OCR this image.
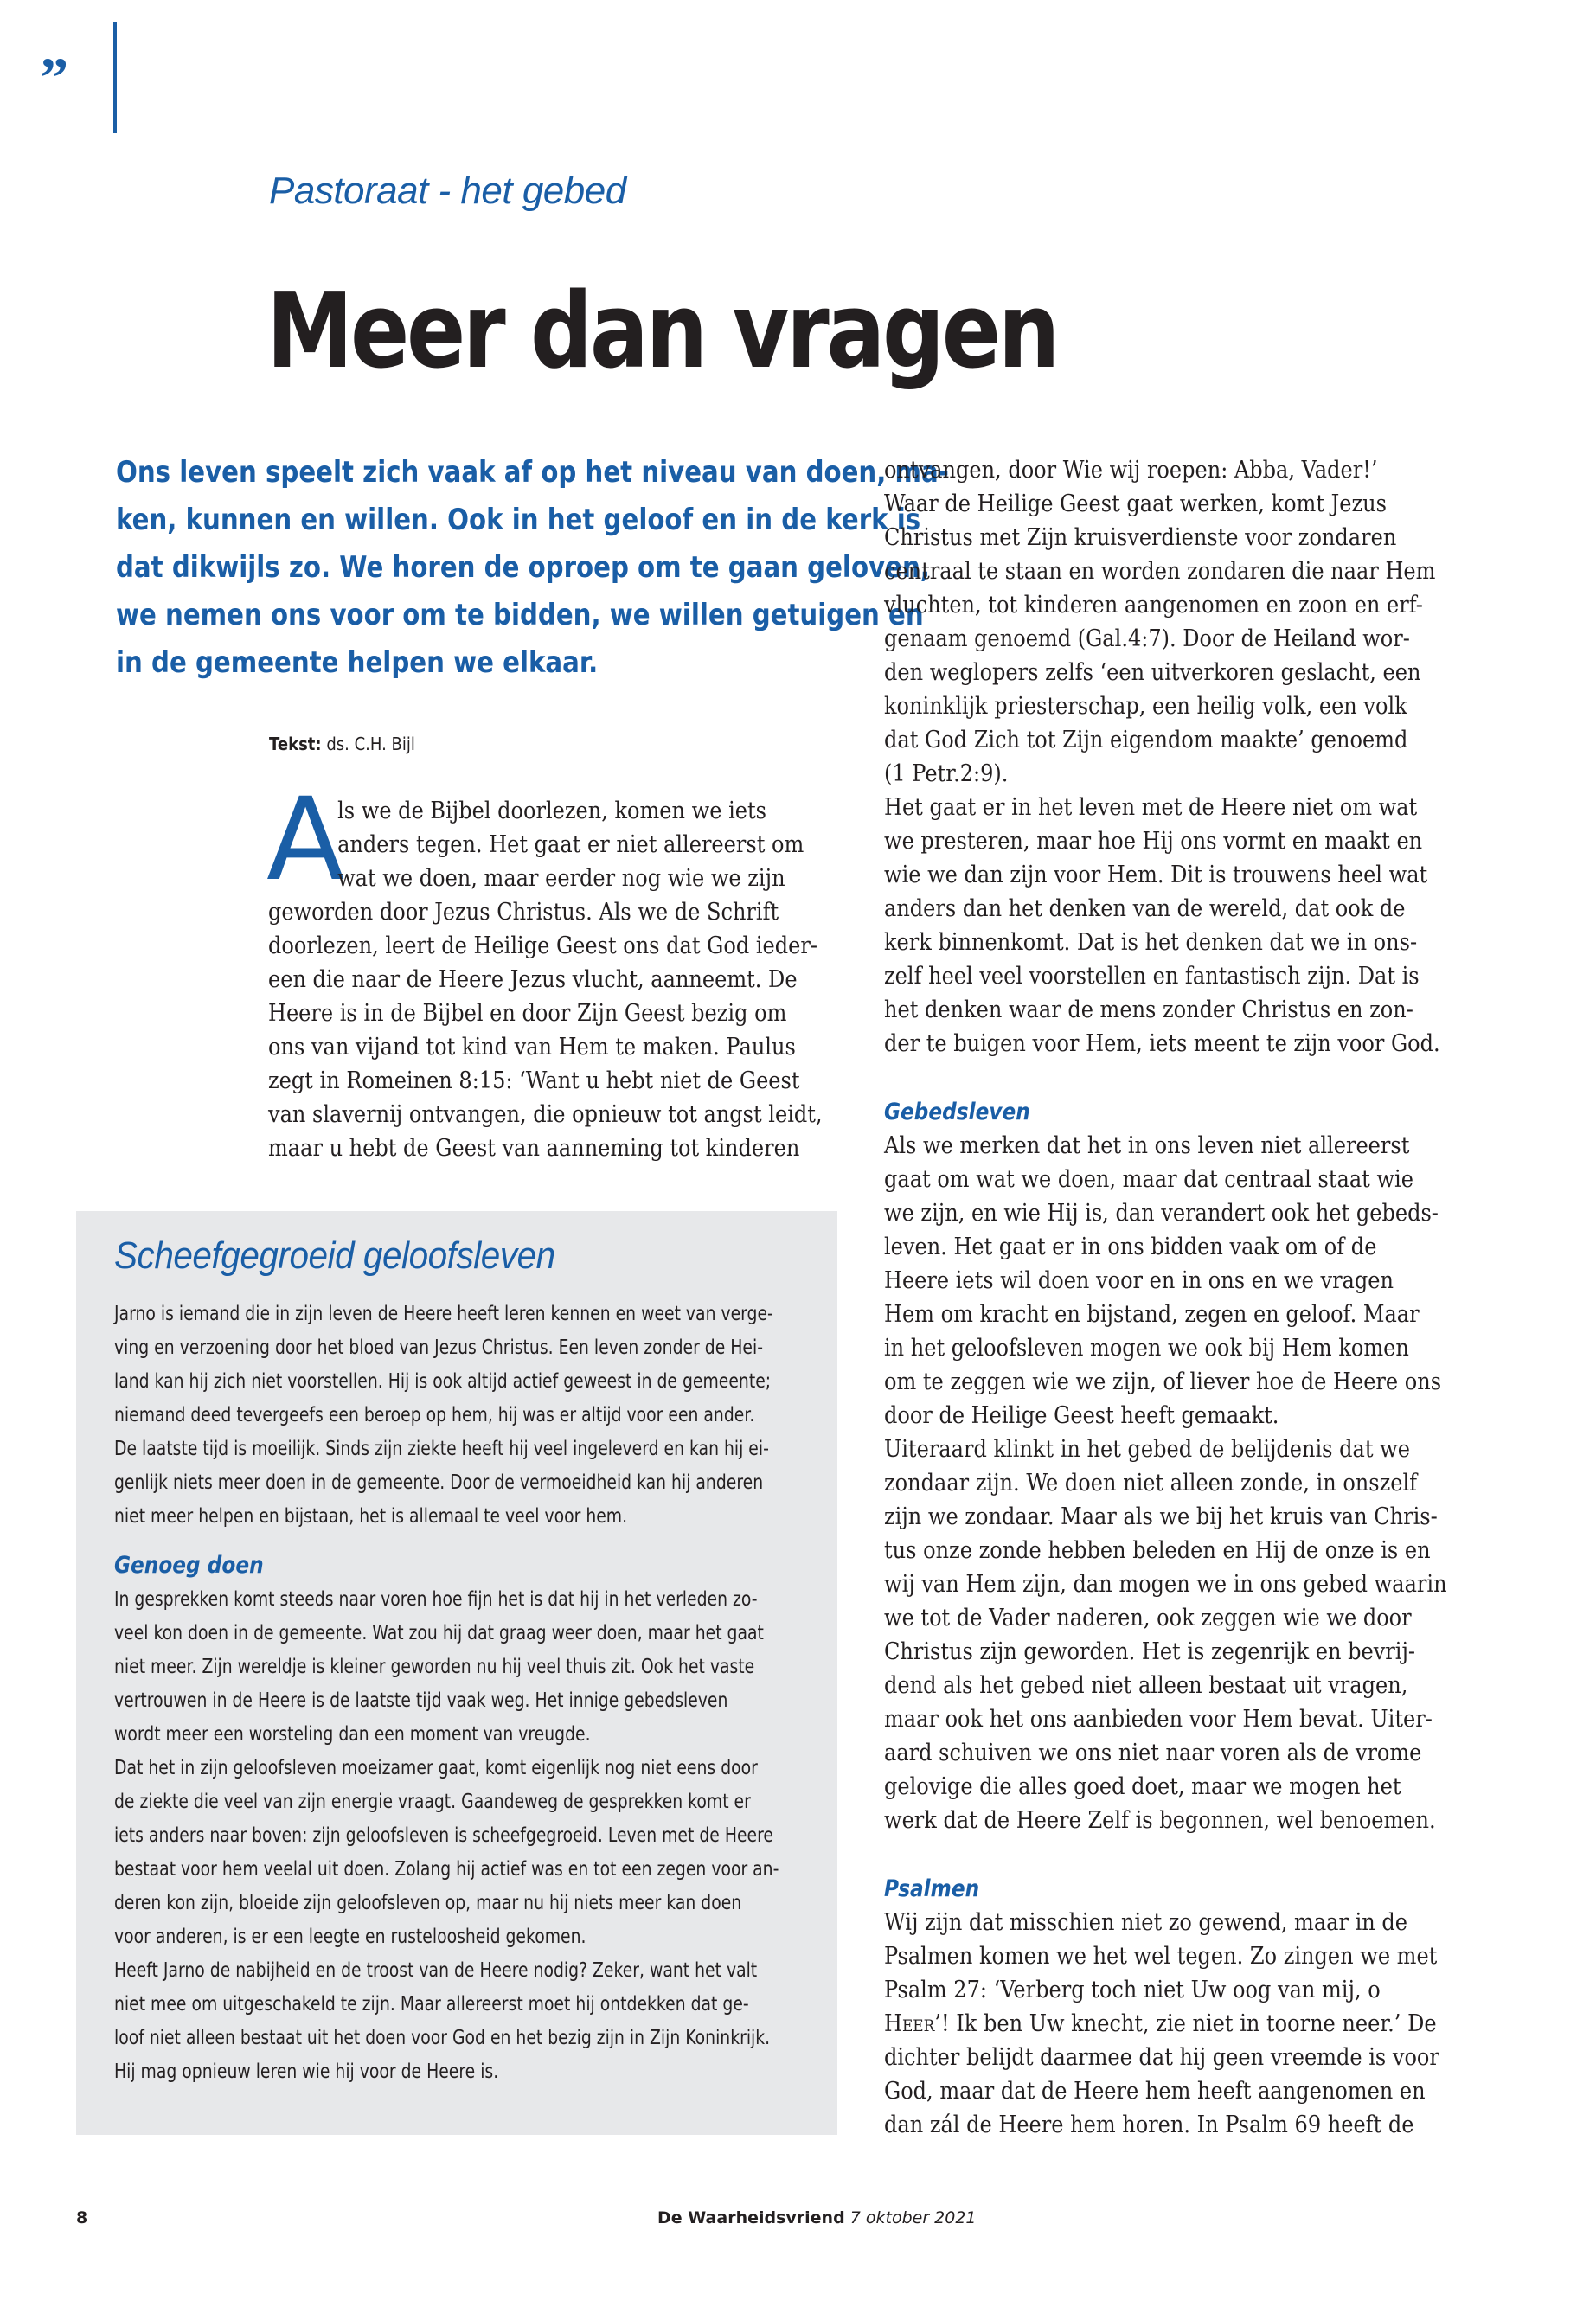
”
Pastoraat - het gebed
Meer dan vragen
Ons leven speelt zich vaak af op het niveau van doen, ma-
ken, kunnen en willen. Ook in het geloof en in de kerk is
dat dikwijls zo. We horen de oproep om te gaan geloven,
we nemen ons voor om te bidden, we willen getuigen en
in de gemeente helpen we elkaar.
Tekst: ds. C.H. Bijl
A
ls we de Bijbel doorlezen, komen we iets
anders tegen. Het gaat er niet allereerst om
wat we doen, maar eerder nog wie we zijn
geworden door Jezus Christus. Als we de Schrift
doorlezen, leert de Heilige Geest ons dat God ieder-
een die naar de Heere Jezus vlucht, aanneemt. De
Heere is in de Bijbel en door Zijn Geest bezig om
ons van vijand tot kind van Hem te maken. Paulus
zegt in Romeinen 8:15: ‘Want u hebt niet de Geest
van slavernij ontvangen, die opnieuw tot angst leidt,
maar u hebt de Geest van aanneming tot kinderen
ontvangen, door Wie wij roepen: Abba, Vader!’
Waar de Heilige Geest gaat werken, komt Jezus
Christus met Zijn kruisverdienste voor zondaren
centraal te staan en worden zondaren die naar Hem
vluchten, tot kinderen aangenomen en zoon en erf-
genaam genoemd (Gal.4:7). Door de Heiland wor-
den weglopers zelfs ‘een uitverkoren geslacht, een
koninklijk priesterschap, een heilig volk, een volk
dat God Zich tot Zijn eigendom maakte’ genoemd
(1 Petr.2:9).
Het gaat er in het leven met de Heere niet om wat
we presteren, maar hoe Hij ons vormt en maakt en
wie we dan zijn voor Hem. Dit is trouwens heel wat
anders dan het denken van de wereld, dat ook de
kerk binnenkomt. Dat is het denken dat we in ons-
zelf heel veel voorstellen en fantastisch zijn. Dat is
het denken waar de mens zonder Christus en zon-
der te buigen voor Hem, iets meent te zijn voor God.
Gebedsleven
Als we merken dat het in ons leven niet allereerst
gaat om wat we doen, maar dat centraal staat wie
we zijn, en wie Hij is, dan verandert ook het gebeds-
leven. Het gaat er in ons bidden vaak om of de
Heere iets wil doen voor en in ons en we vragen
Hem om kracht en bijstand, zegen en geloof. Maar
in het geloofsleven mogen we ook bij Hem komen
om te zeggen wie we zijn, of liever hoe de Heere ons
door de Heilige Geest heeft gemaakt.
Uiteraard klinkt in het gebed de belijdenis dat we
zondaar zijn. We doen niet alleen zonde, in onszelf
zijn we zondaar. Maar als we bij het kruis van Chris-
tus onze zonde hebben beleden en Hij de onze is en
wij van Hem zijn, dan mogen we in ons gebed waarin
we tot de Vader naderen, ook zeggen wie we door
Christus zijn geworden. Het is zegenrijk en bevrij-
dend als het gebed niet alleen bestaat uit vragen,
maar ook het ons aanbieden voor Hem bevat. Uiter-
aard schuiven we ons niet naar voren als de vrome
gelovige die alles goed doet, maar we mogen het
werk dat de Heere Zelf is begonnen, wel benoemen.
Psalmen
Wij zijn dat misschien niet zo gewend, maar in de
Psalmen komen we het wel tegen. Zo zingen we met
Psalm 27: ‘Verberg toch niet Uw oog van mij, o
Heer’! Ik ben Uw knecht, zie niet in toorne neer.’ De
dichter belijdt daarmee dat hij geen vreemde is voor
God, maar dat de Heere hem heeft aangenomen en
dan zál de Heere hem horen. In Psalm 69 heeft de
Scheefgegroeid geloofsleven
Jarno is iemand die in zijn leven de Heere heeft leren kennen en weet van verge-
ving en verzoening door het bloed van Jezus Christus. Een leven zonder de Hei-
land kan hij zich niet voorstellen. Hij is ook altijd actief geweest in de gemeente;
niemand deed tevergeefs een beroep op hem, hij was er altijd voor een ander.
De laatste tijd is moeilijk. Sinds zijn ziekte heeft hij veel ingeleverd en kan hij ei-
genlijk niets meer doen in de gemeente. Door de vermoeidheid kan hij anderen
niet meer helpen en bijstaan, het is allemaal te veel voor hem.
Genoeg doen
In gesprekken komt steeds naar voren hoe fijn het is dat hij in het verleden zo-
veel kon doen in de gemeente. Wat zou hij dat graag weer doen, maar het gaat
niet meer. Zijn wereldje is kleiner geworden nu hij veel thuis zit. Ook het vaste
vertrouwen in de Heere is de laatste tijd vaak weg. Het innige gebedsleven
wordt meer een worsteling dan een moment van vreugde.
Dat het in zijn geloofsleven moeizamer gaat, komt eigenlijk nog niet eens door
de ziekte die veel van zijn energie vraagt. Gaandeweg de gesprekken komt er
iets anders naar boven: zijn geloofsleven is scheefgegroeid. Leven met de Heere
bestaat voor hem veelal uit doen. Zolang hij actief was en tot een zegen voor an-
deren kon zijn, bloeide zijn geloofsleven op, maar nu hij niets meer kan doen
voor anderen, is er een leegte en rusteloosheid gekomen.
Heeft Jarno de nabijheid en de troost van de Heere nodig? Zeker, want het valt
niet mee om uitgeschakeld te zijn. Maar allereerst moet hij ontdekken dat ge-
loof niet alleen bestaat uit het doen voor God en het bezig zijn in Zijn Koninkrijk.
Hij mag opnieuw leren wie hij voor de Heere is.
8	De Waarheidsvriend 7 oktober 2021
